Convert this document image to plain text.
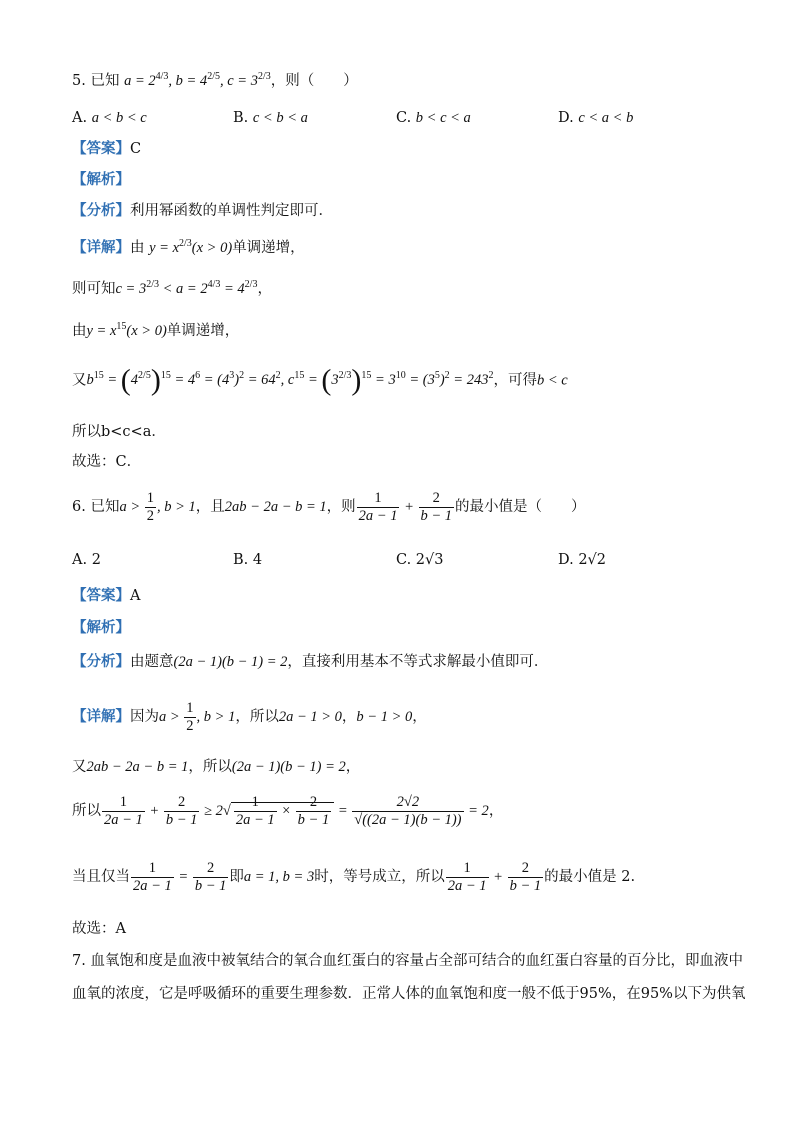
5. 已知 $a = 2^{4/3}$, $b = 4^{2/5}$, $c = 3^{2/3}$，则（　　）
A. a < b < c	B. c < b < a	C. b < c < a	D. c < a < b
【答案】C
【解析】
【分析】利用幂函数的单调性判定即可．
【详解】由 $y = x^{2/3}(x > 0)$单调递增，
则可知$c = 3^{2/3} < a = 2^{4/3} = 4^{2/3}$，
由$y = x^{15}(x > 0)$单调递增，
又$b^{15} = (4^{2/5})^{15} = 4^6 = (4^3)^2 = 64^2$, $c^{15} = (3^{2/3})^{15} = 3^{10} = (3^5)^2 = 243^2$，可得b < c
所以b<c<a．
故选：C．
6. 已知$a > \frac{1}{2}$ , b > 1，且2ab − 2a − b = 1，则 $\frac{1}{2a - 1} + \frac{2}{b - 1}$ 的最小值是（　　）
A. 2	B. 4	C. 2√3	D. 2√2
【答案】A
【解析】
【分析】由题意(2a − 1)(b − 1) = 2，直接利用基本不等式求解最小值即可．
【详解】因为$a > \frac{1}{2}$ , b > 1，所以2a − 1 > 0，b − 1 > 0，
又2ab − 2a − b = 1，所以(2a − 1)(b − 1) = 2，
所以 $\frac{1}{2a - 1} + \frac{2}{b - 1} \ge 2√ \frac{1}{2a - 1} \times \frac{2}{b - 1} = \frac{2√2}{√((2a - 1)(b - 1))} = 2$，
当且仅当 $\frac{1}{2a - 1} = \frac{2}{b - 1}$ 即a = 1, b = 3时，等号成立，所以 $\frac{1}{2a - 1} + \frac{2}{b - 1}$ 的最小值是 2.
故选：A
7. 血氧饱和度是血液中被氧结合的氧合血红蛋白的容量占全部可结合的血红蛋白容量的百分比，即血液中
血氧的浓度，它是呼吸循环的重要生理参数．正常人体的血氧饱和度一般不低于95%，在95%以下为供氧
